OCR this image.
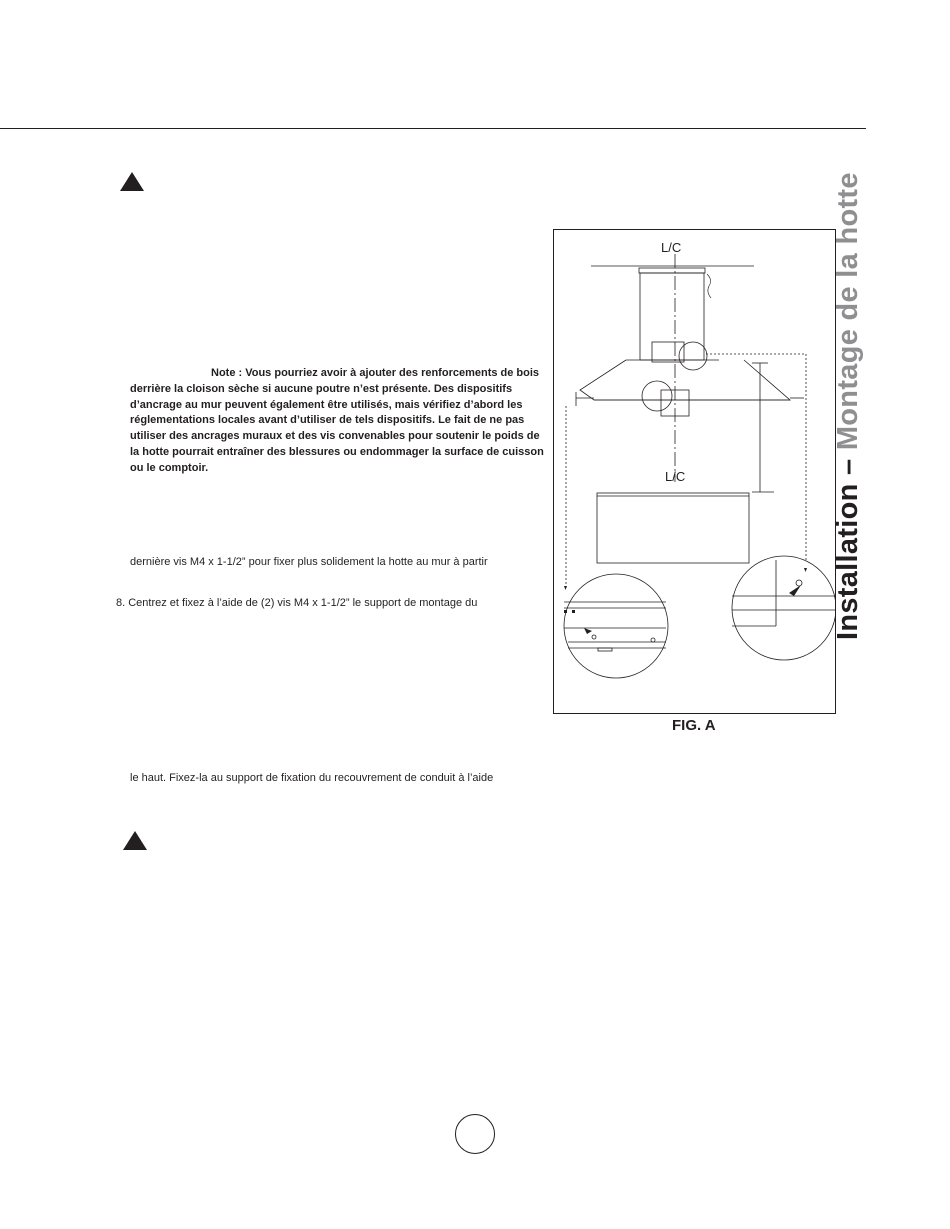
Note : Vous pourriez avoir à ajouter des renforcements de bois derrière la cloison sèche si aucune poutre n’est présente. Des dispositifs d’ancrage au mur peuvent également être utilisés, mais vérifiez d’abord les réglementations locales avant d’utiliser de tels dispositifs. Le fait de ne pas utiliser des ancrages muraux et des vis convenables pour soutenir le poids de la hotte pourrait entraîner des blessures ou endommager la surface de cuisson ou le comptoir.
dernière vis M4 x 1-1/2” pour fixer plus solidement la hotte au mur à partir
8. Centrez et fixez à l’aide de (2) vis M4 x 1-1/2” le support de montage du
le haut. Fixez-la au support de fixation du recouvrement de conduit à l’aide
Installation – Montage de la hotte
L/C
L/C
FIG. A
